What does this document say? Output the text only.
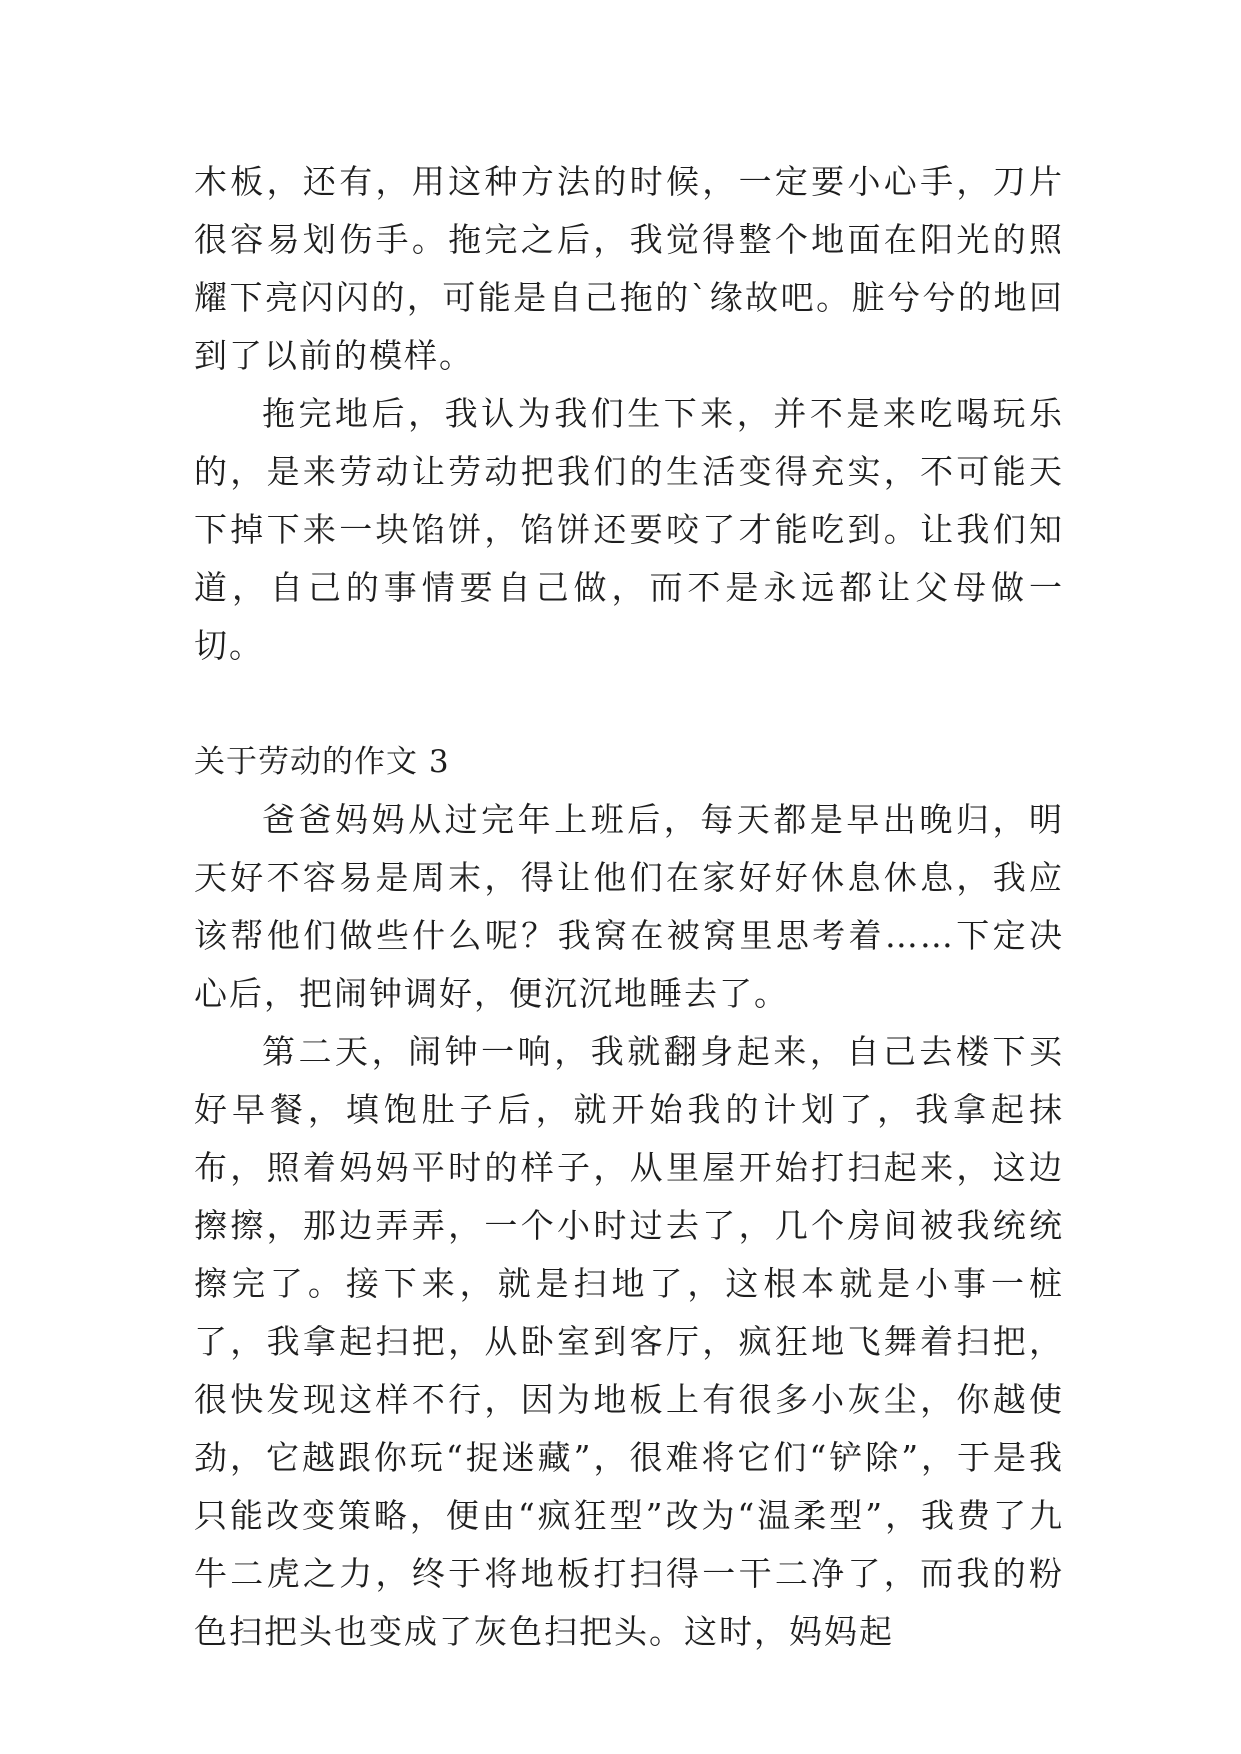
木板，还有，用这种方法的时候，一定要小心手，刀片很容易划伤手。拖完之后，我觉得整个地面在阳光的照耀下亮闪闪的，可能是自己拖的`缘故吧。脏兮兮的地回到了以前的模样。

拖完地后，我认为我们生下来，并不是来吃喝玩乐的，是来劳动让劳动把我们的生活变得充实，不可能天下掉下来一块馅饼，馅饼还要咬了才能吃到。让我们知道，自己的事情要自己做，而不是永远都让父母做一切。

关于劳动的作文 3

爸爸妈妈从过完年上班后，每天都是早出晚归，明天好不容易是周末，得让他们在家好好休息休息，我应该帮他们做些什么呢？我窝在被窝里思考着……下定决心后，把闹钟调好，便沉沉地睡去了。

第二天，闹钟一响，我就翻身起来，自己去楼下买好早餐，填饱肚子后，就开始我的计划了，我拿起抹布，照着妈妈平时的样子，从里屋开始打扫起来，这边擦擦，那边弄弄，一个小时过去了，几个房间被我统统擦完了。接下来，就是扫地了，这根本就是小事一桩了，我拿起扫把，从卧室到客厅，疯狂地飞舞着扫把，很快发现这样不行，因为地板上有很多小灰尘，你越使劲，它越跟你玩“捉迷藏”，很难将它们“铲除”，于是我只能改变策略，便由“疯狂型”改为“温柔型”，我费了九牛二虎之力，终于将地板打扫得一干二净了，而我的粉色扫把头也变成了灰色扫把头。这时，妈妈起
